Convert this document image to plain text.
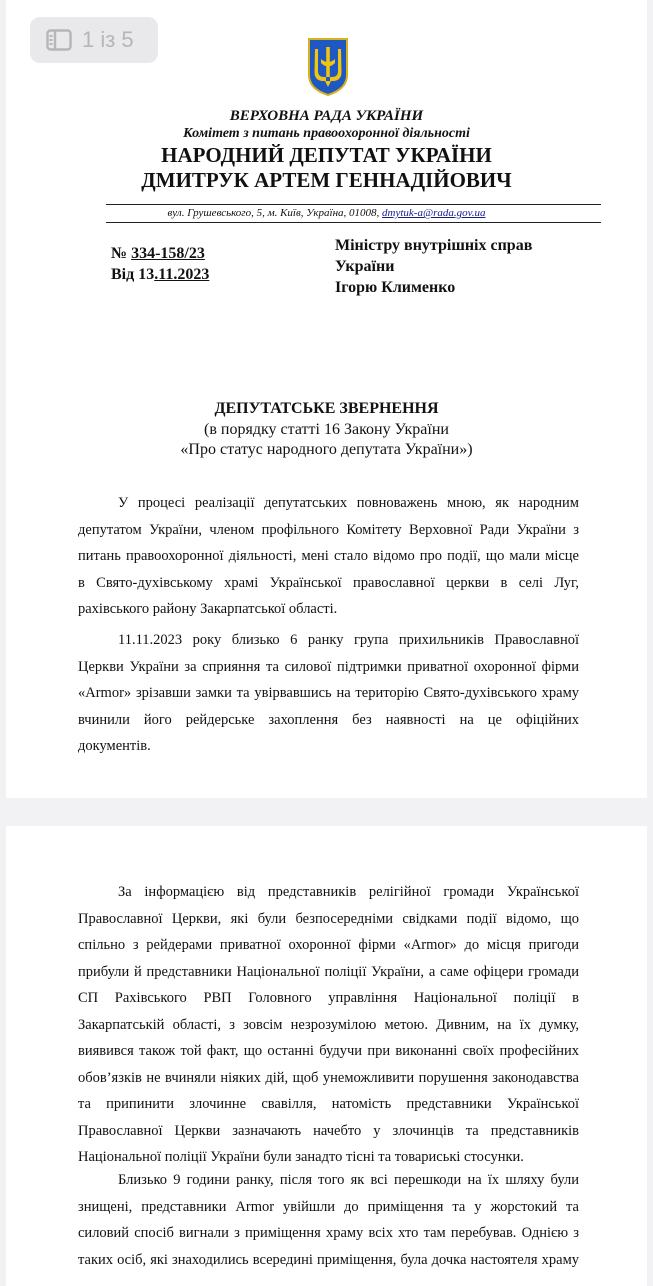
1 із 5
ВЕРХОВНА РАДА УКРАЇНИ
Комітет з питань правоохоронної діяльності
НАРОДНИЙ ДЕПУТАТ УКРАЇНИ
ДМИТРУК АРТЕМ ГЕННАДІЙОВИЧ
вул. Грушевського, 5, м. Київ, Україна, 01008, dmytuk-a@rada.gov.ua
№ 334-158/23
Від 13.11.2023
Міністру внутрішніх справ
України
Ігорю Клименко
ДЕПУТАТСЬКЕ ЗВЕРНЕННЯ
(в порядку статті 16 Закону України
«Про статус народного депутата України»)
У процесі реалізації депутатських повноважень мною, як народним
депутатом України, членом профільного Комітету Верховної Ради України з
питань правоохоронної діяльності, мені стало відомо про події, що мали місце
в Свято-духівському храмі Української православної церкви в селі Луг,
рахівського району Закарпатської області.
11.11.2023 року близько 6 ранку група прихильників Православної
Церкви України за сприяння та силової підтримки приватної охоронної фірми
«Armor» зрізавши замки та увірвавшись на територію Свято-духівського храму
вчинили його рейдерське захоплення без наявності на це офіційних
документів.
За інформацією від представників релігійної громади Української
Православної Церкви, які були безпосередніми свідками події відомо, що
спільно з рейдерами приватної охоронної фірми «Armor» до місця пригоди
прибули й представники Національної поліції України, а саме офіцери громади
СП Рахівського РВП Головного управління Національної поліції в
Закарпатській області, з зовсім незрозумілою метою. Дивним, на їх думку,
виявився також той факт, що останні будучи при виконанні своїх професійних
обов’язків не вчиняли ніяких дій, щоб унеможливити порушення законодавства
та припинити злочинне свавілля, натомість представники Української
Православної Церкви зазначають начебто у злочинців та представників
Національної поліції України були занадто тісні та товариські стосунки.
Близько 9 години ранку, після того як всі перешкоди на їх шляху були
знищені, представники Armor увійшли до приміщення та у жорстокий та
силовий спосіб вигнали з приміщення храму всіх хто там перебував. Однією з
таких осіб, які знаходились всередині приміщення, була дочка настоятеля храму
